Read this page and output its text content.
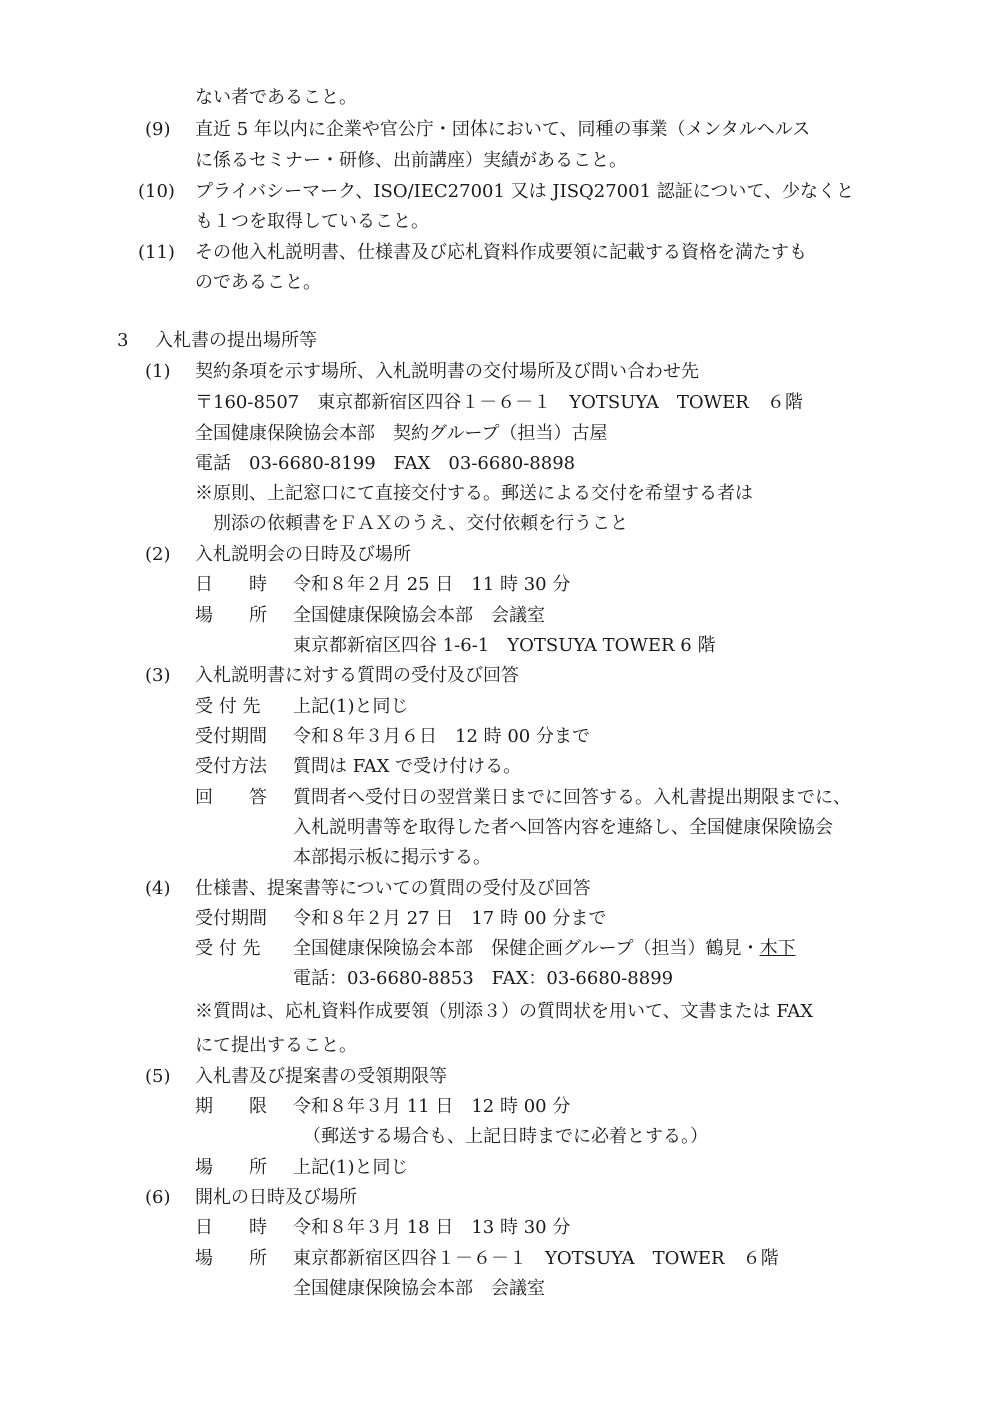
ない者であること。
(9) 直近 5 年以内に企業や官公庁・団体において、同種の事業（メンタルヘルス
に係るセミナー・研修、出前講座）実績があること。
(10) プライバシーマーク、ISO/IEC27001 又は JISQ27001 認証について、少なくと
も１つを取得していること。
(11) その他入札説明書、仕様書及び応札資料作成要領に記載する資格を満たすも
のであること。
3 入札書の提出場所等
(1) 契約条項を示す場所、入札説明書の交付場所及び問い合わせ先
〒160-8507　東京都新宿区四谷１－６－１　YOTSUYA　TOWER　６階
全国健康保険協会本部　契約グループ（担当）古屋
電話　03-6680-8199　FAX　03-6680-8898
※原則、上記窓口にて直接交付する。郵送による交付を希望する者は
別添の依頼書をＦＡＸのうえ、交付依頼を行うこと
(2) 入札説明会の日時及び場所
日　　時 令和８年２月 25 日　11 時 30 分
場　　所 全国健康保険協会本部　会議室
東京都新宿区四谷 1-6-1　YOTSUYA TOWER 6 階
(3) 入札説明書に対する質問の受付及び回答
受 付 先 上記(1)と同じ
受付期間 令和８年３月６日　12 時 00 分まで
受付方法 質問は FAX で受け付ける。
回　　答 質問者へ受付日の翌営業日までに回答する。入札書提出期限までに、
入札説明書等を取得した者へ回答内容を連絡し、全国健康保険協会
本部掲示板に掲示する。
(4) 仕様書、提案書等についての質問の受付及び回答
受付期間 令和８年２月 27 日　17 時 00 分まで
受 付 先 全国健康保険協会本部　保健企画グループ（担当）鶴見・木下
電話：03-6680-8853　FAX：03-6680-8899
※質問は、応札資料作成要領（別添３）の質問状を用いて、文書または FAX
にて提出すること。
(5) 入札書及び提案書の受領期限等
期　　限 令和８年３月 11 日　12 時 00 分
（郵送する場合も、上記日時までに必着とする。）
場　　所 上記(1)と同じ
(6) 開札の日時及び場所
日　　時 令和８年３月 18 日　13 時 30 分
場　　所 東京都新宿区四谷１－６－１　YOTSUYA　TOWER　６階
全国健康保険協会本部　会議室
